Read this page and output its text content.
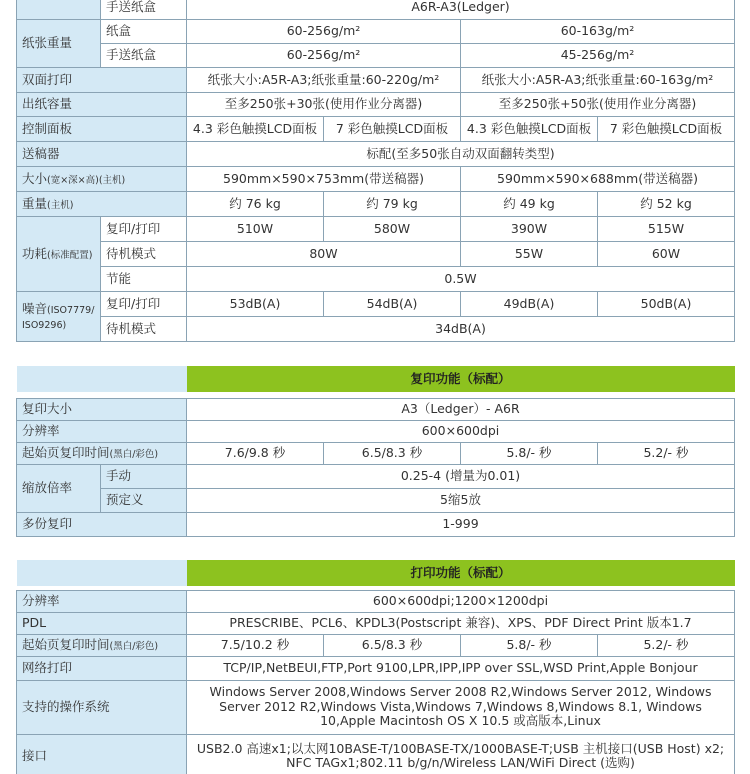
	手送纸盒	A6R-A3(Ledger)			
纸张重量	纸盒	60-256g/m²		60-163g/m²	
	手送纸盒	60-256g/m²		45-256g/m²	
双面打印		纸张大小:A5R-A3;纸张重量:60-220g/m²		纸张大小:A5R-A3;纸张重量:60-163g/m²	
出纸容量		至多250张+30张(使用作业分离器)		至多250张+50张(使用作业分离器)	
控制面板		4.3 彩色触摸LCD面板	7 彩色触摸LCD面板	4.3 彩色触摸LCD面板	7 彩色触摸LCD面板
送稿器		标配(至多50张自动双面翻转类型)			
大小(宽×深×高)(主机)		590mm×590×753mm(带送稿器)		590mm×590×688mm(带送稿器)	
重量(主机)		约 76 kg	约 79 kg	约 49 kg	约 52 kg
功耗(标准配置)	复印/打印	510W	580W	390W	515W
	待机模式	80W		55W	60W
	节能	0.5W			
噪音(ISO7779/ ISO9296)	复印/打印	53dB(A)	54dB(A)	49dB(A)	50dB(A)
	待机模式	34dB(A)			
		复印功能（标配）			

复印大小		A3（Ledger）- A6R			
分辨率		600×600dpi			
起始页复印时间(黑白/彩色)		7.6/9.8 秒	6.5/8.3 秒	5.8/- 秒	5.2/- 秒
缩放倍率	手动	0.25-4 (增量为0.01)			
	预定义	5缩5放			
多份复印		1-999			
	打印功能（标配）			

分辨率	600×600dpi;1200×1200dpi			
PDL	PRESCRIBE、PCL6、KPDL3(Postscript 兼容)、XPS、PDF Direct Print 版本1.7			
起始页复印时间(黑白/彩色)	7.5/10.2 秒	6.5/8.3 秒	5.8/- 秒	5.2/- 秒
网络打印	TCP/IP,NetBEUI,FTP,Port 9100,LPR,IPP,IPP over SSL,WSD Print,Apple Bonjour			
支持的操作系统	Windows Server 2008,Windows Server 2008 R2,Windows Server 2012, Windows Server 2012 R2,Windows Vista,Windows 7,Windows 8,Windows 8.1, Windows 10,Apple Macintosh OS X 10.5 或高版本,Linux			
接口	USB2.0 高速x1;以太网10BASE-T/100BASE-TX/1000BASE-T;USB 主机接口(USB Host) x2; NFC TAGx1;802.11 b/g/n/Wireless LAN/WiFi Direct (选购)			
